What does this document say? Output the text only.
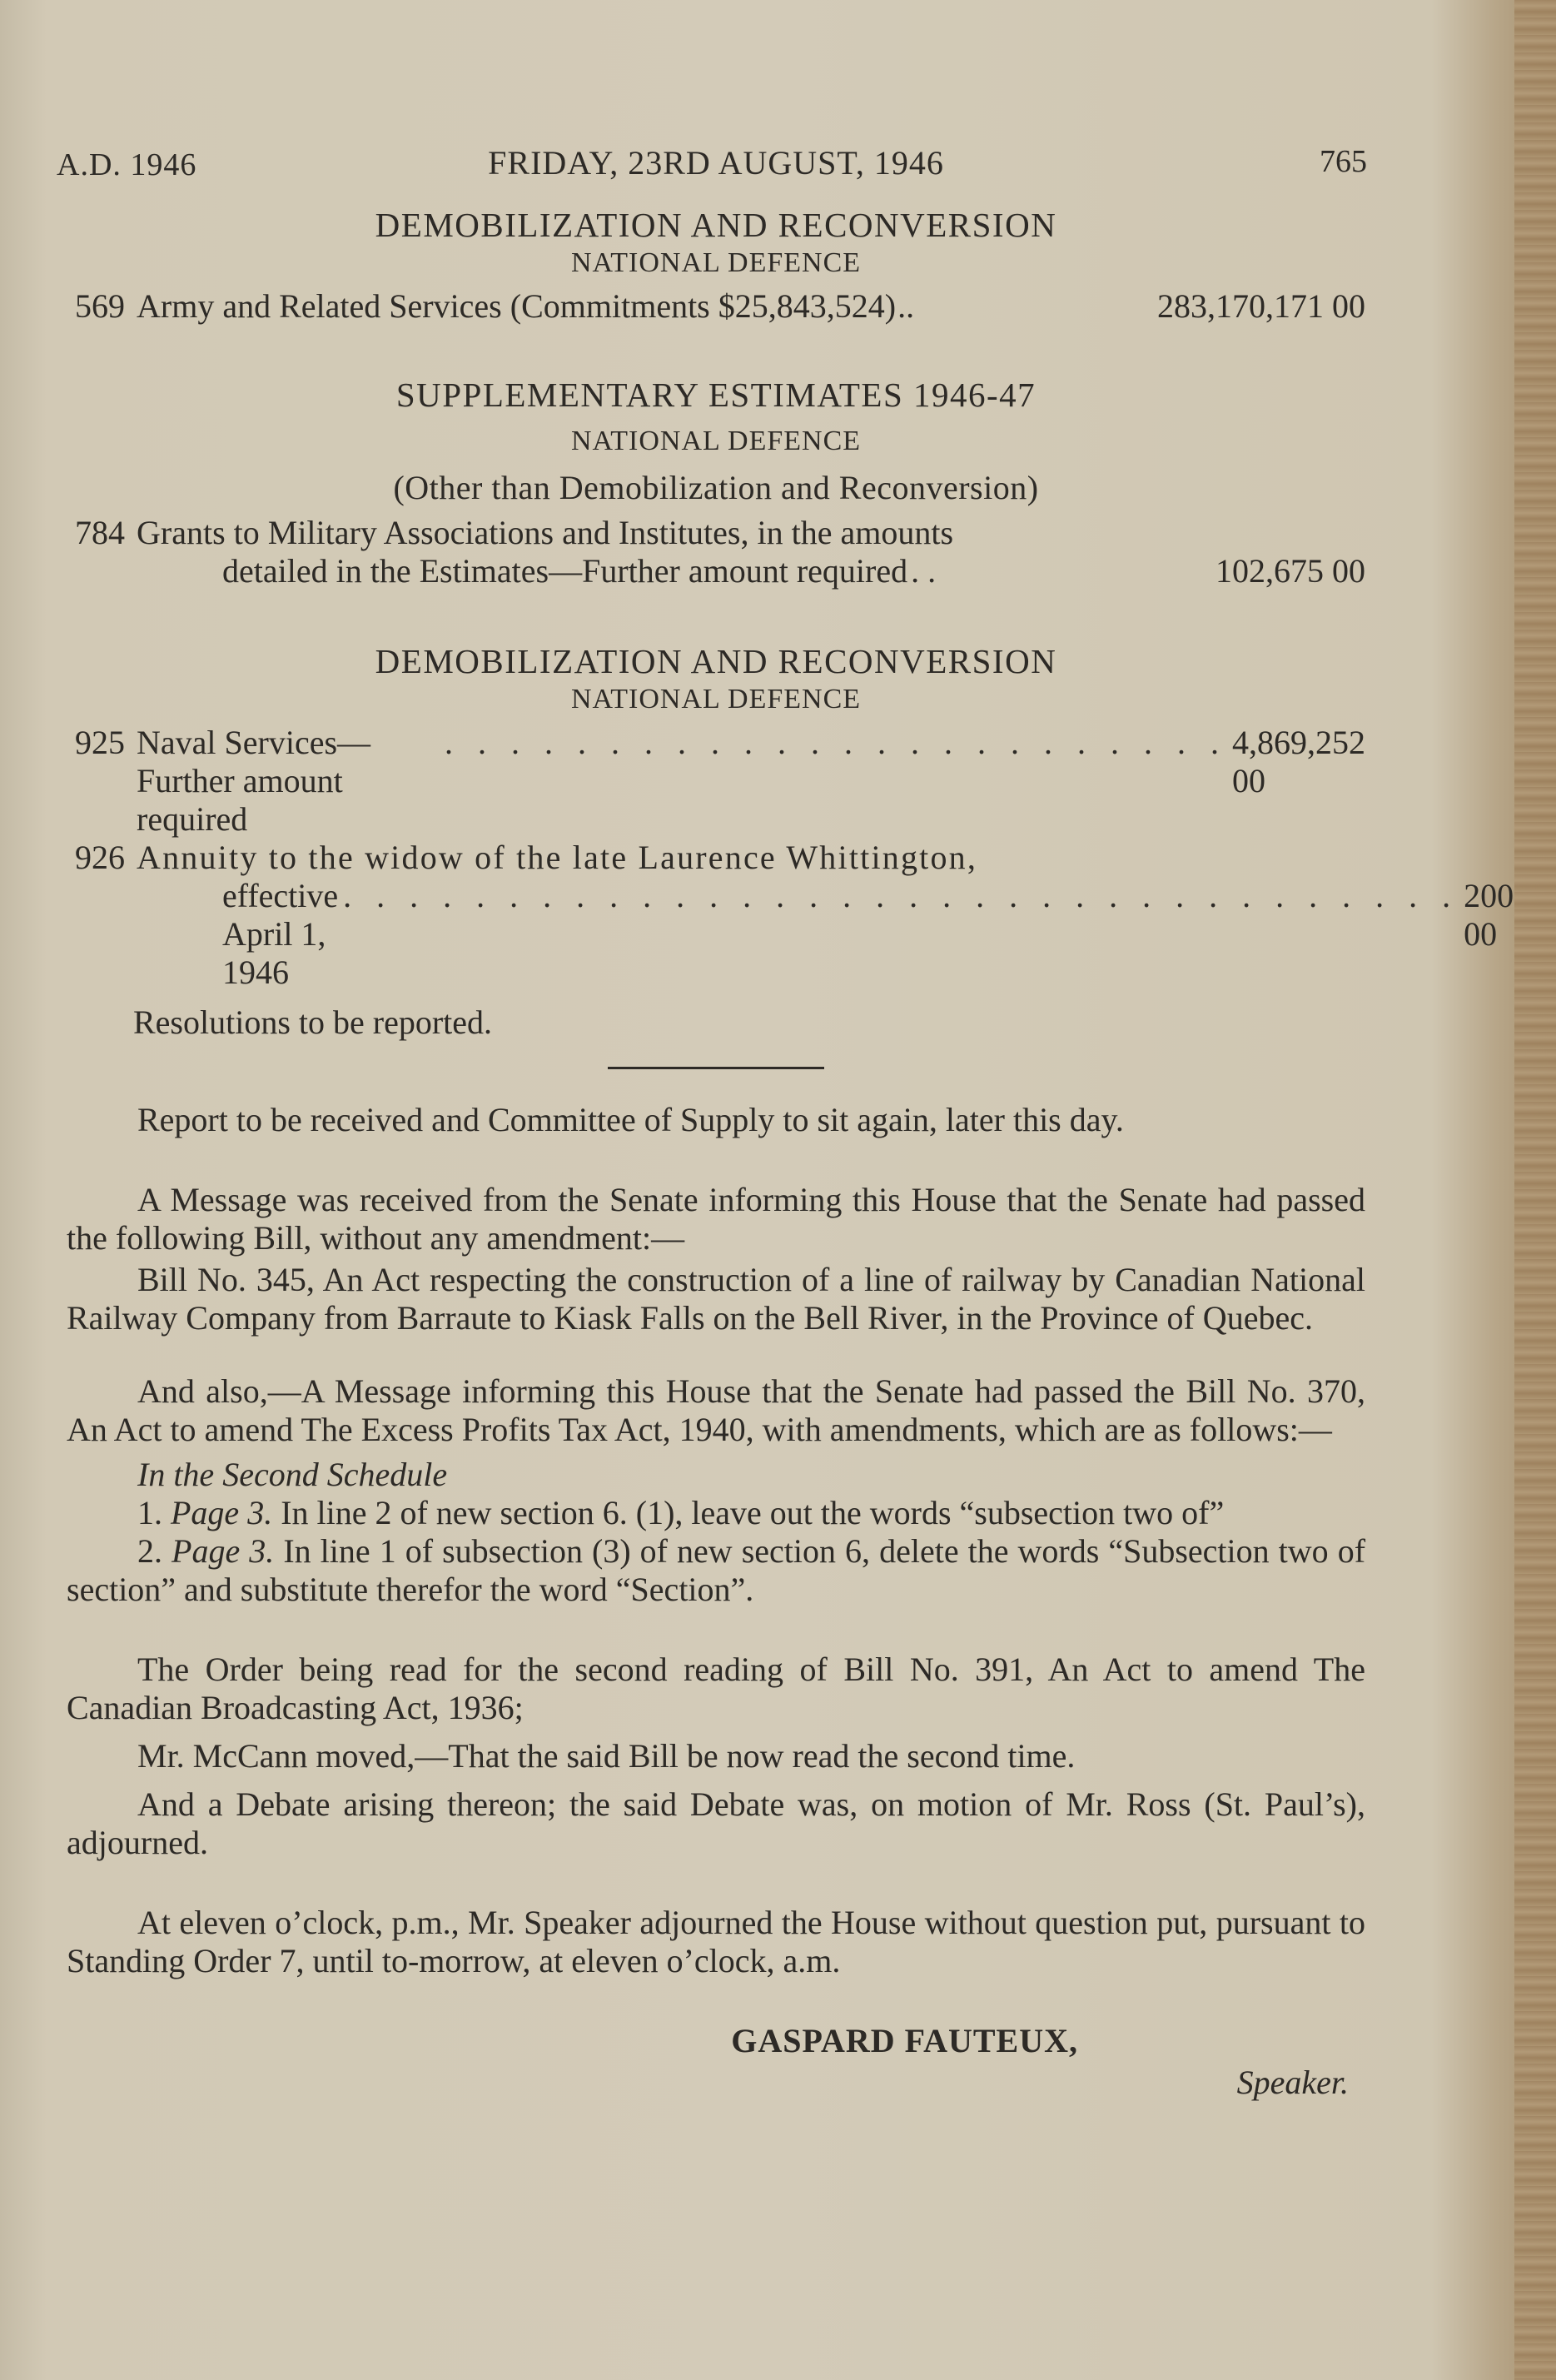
A.D. 1946	FRIDAY, 23RD AUGUST, 1946	765
DEMOBILIZATION AND RECONVERSION
NATIONAL DEFENCE
569 Army and Related Services (Commitments $25,843,524) ..	283,170,171 00
SUPPLEMENTARY ESTIMATES 1946-47
NATIONAL DEFENCE
(Other than Demobilization and Reconversion)
784 Grants to Military Associations and Institutes, in the amounts
detailed in the Estimates—Further amount required . .	102,675 00
DEMOBILIZATION AND RECONVERSION
NATIONAL DEFENCE
925 Naval Services—Further amount required
. . . . . . . . . . . . . . . . . . . . . . . . 4,869,252 00
926 Annuity to the widow of the late Laurence Whittington,
effective April 1, 1946
. . . . . . . . . . . . . . . . . . . . . . . . . . . . . . . . . . 200 00
Resolutions to be reported.
Report to be received and Committee of Supply to sit again, later this day.
A Message was received from the Senate informing this House that the Senate had passed the following Bill, without any amendment:—
Bill No. 345, An Act respecting the construction of a line of railway by Canadian National Railway Company from Barraute to Kiask Falls on the Bell River, in the Province of Quebec.
And also,—A Message informing this House that the Senate had passed the Bill No. 370, An Act to amend The Excess Profits Tax Act, 1940, with amendments, which are as follows:—
In the Second Schedule
1. Page 3. In line 2 of new section 6. (1), leave out the words “subsection two of”
2. Page 3. In line 1 of subsection (3) of new section 6, delete the words “Subsection two of section” and substitute therefor the word “Section”.
The Order being read for the second reading of Bill No. 391, An Act to amend The Canadian Broadcasting Act, 1936;
Mr. McCann moved,—That the said Bill be now read the second time.
And a Debate arising thereon; the said Debate was, on motion of Mr. Ross (St. Paul’s), adjourned.
At eleven o’clock, p.m., Mr. Speaker adjourned the House without question put, pursuant to Standing Order 7, until to-morrow, at eleven o’clock, a.m.
GASPARD FAUTEUX,
Speaker.
